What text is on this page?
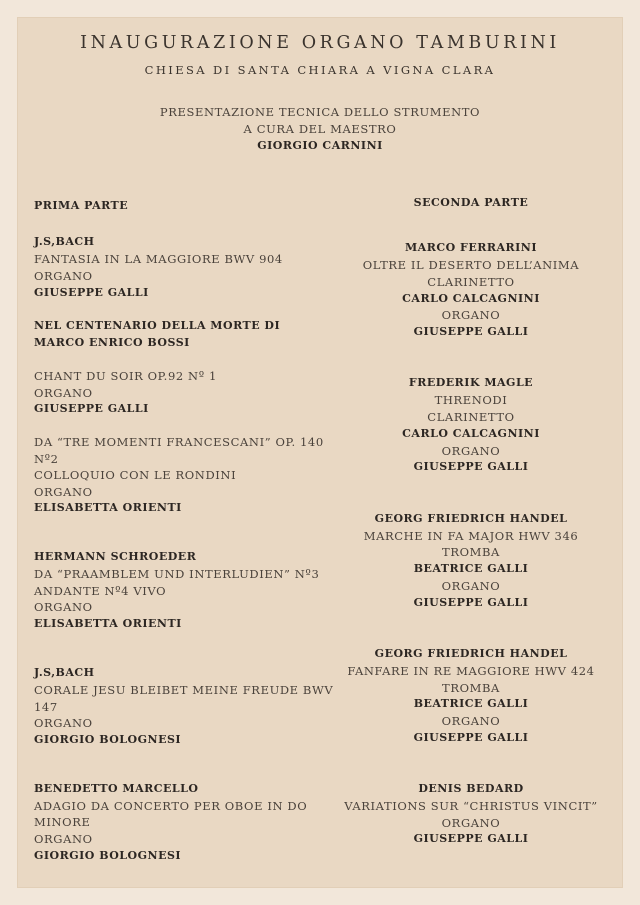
INAUGURAZIONE ORGANO TAMBURINI
CHIESA DI SANTA CHIARA A VIGNA CLARA
PRESENTAZIONE TECNICA DELLO STRUMENTO
A CURA DEL MAESTRO
GIORGIO CARNINI
PRIMA PARTE
J.S,BACH
FANTASIA IN LA MAGGIORE BWV 904
ORGANO
GIUSEPPE GALLI
NEL CENTENARIO DELLA MORTE DI
MARCO ENRICO BOSSI
CHANT DU SOIR OP.92 Nº 1
ORGANO
GIUSEPPE GALLI
DA “TRE MOMENTI FRANCESCANI” OP. 140
Nº2
COLLOQUIO CON LE RONDINI
ORGANO
ELISABETTA ORIENTI
HERMANN SCHROEDER
DA “PRAAMBLEM UND INTERLUDIEN” Nº3
ANDANTE Nº4 VIVO
ORGANO
ELISABETTA ORIENTI
J.S,BACH
CORALE JESU BLEIBET MEINE FREUDE BWV
147
ORGANO
GIORGIO BOLOGNESI
BENEDETTO MARCELLO
ADAGIO DA CONCERTO PER OBOE IN DO
MINORE
ORGANO
GIORGIO BOLOGNESI
SECONDA PARTE
MARCO FERRARINI
OLTRE IL DESERTO DELL’ANIMA
CLARINETTO
CARLO CALCAGNINI
ORGANO
GIUSEPPE GALLI
FREDERIK MAGLE
THRENODI
CLARINETTO
CARLO CALCAGNINI
ORGANO
GIUSEPPE GALLI
GEORG FRIEDRICH HANDEL
MARCHE IN FA MAJOR HWV 346
TROMBA
BEATRICE GALLI
ORGANO
GIUSEPPE GALLI
GEORG FRIEDRICH HANDEL
FANFARE IN RE MAGGIORE HWV 424
TROMBA
BEATRICE GALLI
ORGANO
GIUSEPPE GALLI
DENIS BEDARD
VARIATIONS SUR “CHRISTUS VINCIT”
ORGANO
GIUSEPPE GALLI
